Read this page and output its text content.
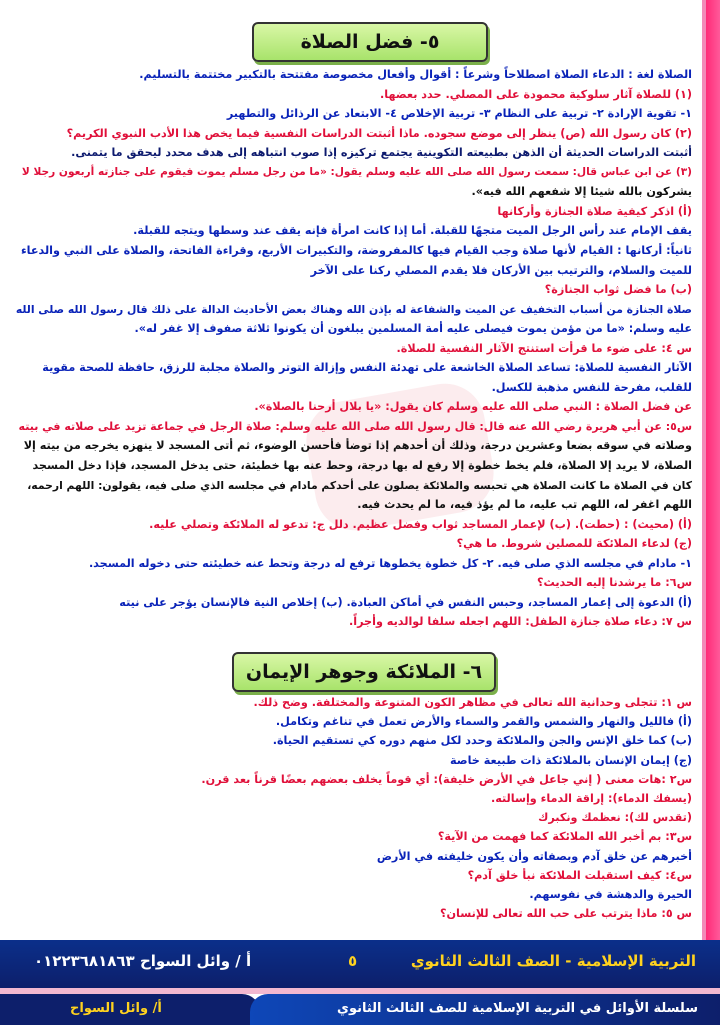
٥- فضل الصلاة
الصلاة لغة : الدعاء الصلاة اصطلاحاً وشرعاً : أقوال وأفعال مخصوصة مفتتحة بالتكبير مختتمة بالتسليم.
(١) للصلاة آثار سلوكية محمودة على المصلي. حدد بعضها.
١- تقوية الإرادة ٢- تربية على النظام ٣- تربية الإخلاص ٤- الابتعاد عن الرذائل والتطهير
(٢) كان رسول الله (ص) ينظر إلى موضع سجوده. ماذا أثبتت الدراسات النفسية فيما يخص هذا الأدب النبوي الكريم؟
أثبتت الدراسات الحديثة أن الذهن بطبيعته التكوينية يجتمع تركيزه إذا صوب انتباهه إلى هدف محدد ليحقق ما يتمنى.
(٣) عن ابن عباس قال: سمعت رسول الله صلى الله عليه وسلم يقول: «ما من رجل مسلم يموت فيقوم على جنازته أربعون رجلا لا
يشركون بالله شيئا إلا شفعهم الله فيه».
(أ) اذكر كيفية صلاة الجنازة وأركانها
يقف الإمام عند رأس الرجل الميت متجهًا للقبلة. أما إذا كانت امرأة فإنه يقف عند وسطها ويتجه للقبلة.
ثانياً: أركانها : القيام لأنها صلاة وجب القيام فيها كالمفروضة، والتكبيرات الأربع، وقراءة الفاتحة، والصلاة على النبي والدعاء
للميت والسلام، والترتيب بين الأركان فلا يقدم المصلي ركنا على الآخر
(ب) ما فضل ثواب الجنازة؟
صلاة الجنازة من أسباب التخفيف عن الميت والشفاعة له بإذن الله وهناك بعض الأحاديث الدالة على ذلك قال رسول الله صلى الله
عليه وسلم: «ما من مؤمن يموت فيصلى عليه أمة المسلمين يبلغون أن يكونوا ثلاثة صفوف إلا غفر له».
س ٤: على ضوء ما قرأت استنتج الآثار النفسية للصلاة.
الآثار النفسية للصلاة: تساعد الصلاة الخاشعة على تهدئة النفس وإزالة التوتر والصلاة مجلبة للرزق، حافظة للصحة مقوية
للقلب، مفرحة للنفس مذهبة للكسل.
عن فضل الصلاة : النبي صلى الله عليه وسلم كان يقول: «يا بلال أرحنا بالصلاة».
س٥: عن أبي هريرة رضي الله عنه قال: قال رسول الله صلى الله عليه وسلم: صلاة الرجل في جماعة تزيد على صلاته في بيته
وصلاته في سوقه بضعا وعشرين درجة، وذلك أن أحدهم إذا توضأ فأحسن الوضوء، ثم أتى المسجد لا ينهزه يخرجه من بيته إلا
الصلاة، لا يريد إلا الصلاة، فلم يخط خطوة إلا رفع له بها درجة، وحط عنه بها خطيئة، حتى يدخل المسجد، فإذا دخل المسجد
كان في الصلاة ما كانت الصلاة هي تحبسه والملائكة يصلون على أحدكم مادام في مجلسه الذي صلى فيه، يقولون: اللهم ارحمه،
اللهم اغفر له، اللهم تب عليه، ما لم يؤذ فيه، ما لم يحدث فيه.
(أ) (محيث) : (حطت). (ب) لإعمار المساجد ثواب وفضل عظيم. دلل ج: تدعو له الملائكة وتصلي عليه.
(ج) لدعاء الملائكة للمصلين شروط. ما هي؟
١- مادام في مجلسه الذي صلى فيه. ٢- كل خطوة يخطوها ترفع له درجة وتحط عنه خطيئته حتى دخوله المسجد.
س٦: ما يرشدنا إليه الحديث؟
(أ) الدعوة إلى إعمار المساجد، وحبس النفس في أماكن العبادة. (ب) إخلاص النية فالإنسان يؤجر على نيته
س ٧: دعاء صلاة جنازة الطفل: اللهم اجعله سلفا لوالديه وأجراً.
٦- الملائكة وجوهر الإيمان
س ١: تتجلى وحدانية الله تعالى في مظاهر الكون المتنوعة والمختلفة. وضح ذلك.
(أ) فالليل والنهار والشمس والقمر والسماء والأرض تعمل في تناغم وتكامل.
(ب) كما خلق الإنس والجن والملائكة وحدد لكل منهم دوره كي تستقيم الحياة.
(ج) إيمان الإنسان بالملائكة ذات طبيعة خاصة
س٢ :هات معنى ( إني جاعل في الأرض خليفة): أي قوماً يخلف بعضهم بعضًا قرناً بعد قرن.
(يسفك الدماء): إراقة الدماء وإسالته.
(تقدس لك): نعظمك ونكبرك
س٣: بم أخبر الله الملائكة كما فهمت من الآية؟
أخبرهم عن خلق آدم وبصفاته وأن يكون خليفته في الأرض
س٤: كيف استقبلت الملائكة نبأ خلق آدم؟
الحيرة والدهشة في نفوسهم.
س ٥: ماذا يترتب على حب الله تعالى للإنسان؟
التربية الإسلامية - الصف الثالث الثانوي
٥
أ / وائل السواح ٠١٢٢٣٦٨١٨٦٣
سلسلة الأوائل في التربية الإسلامية للصف الثالث الثانوي
أ/ وائل السواح
